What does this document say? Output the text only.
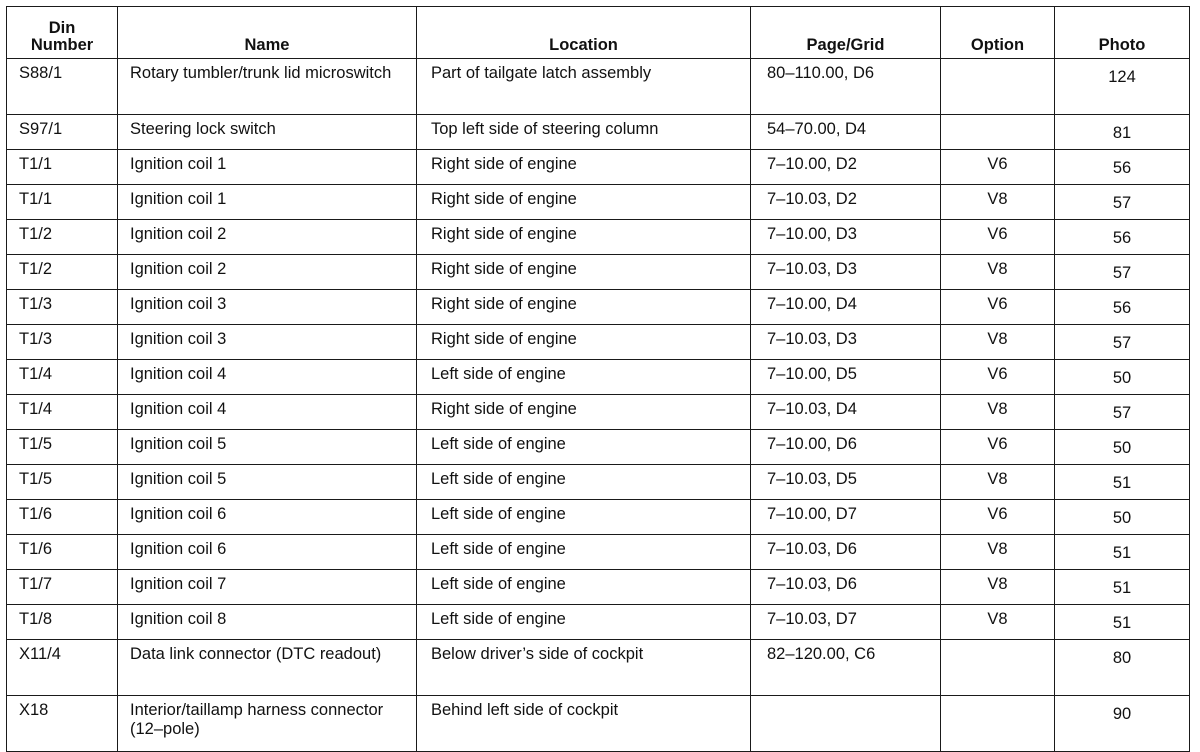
Din
Number	Name	Location	Page/Grid	Option	Photo
S88/1	Rotary tumbler/trunk lid microswitch	Part of tailgate latch assembly	80–110.00, D6		124
S97/1	Steering lock switch	Top left side of steering column	54–70.00, D4		81
T1/1	Ignition coil 1	Right side of engine	7–10.00, D2	V6	56
T1/1	Ignition coil 1	Right side of engine	7–10.03, D2	V8	57
T1/2	Ignition coil 2	Right side of engine	7–10.00, D3	V6	56
T1/2	Ignition coil 2	Right side of engine	7–10.03, D3	V8	57
T1/3	Ignition coil 3	Right side of engine	7–10.00, D4	V6	56
T1/3	Ignition coil 3	Right side of engine	7–10.03, D3	V8	57
T1/4	Ignition coil 4	Left side of engine	7–10.00, D5	V6	50
T1/4	Ignition coil 4	Right side of engine	7–10.03, D4	V8	57
T1/5	Ignition coil 5	Left side of engine	7–10.00, D6	V6	50
T1/5	Ignition coil 5	Left side of engine	7–10.03, D5	V8	51
T1/6	Ignition coil 6	Left side of engine	7–10.00, D7	V6	50
T1/6	Ignition coil 6	Left side of engine	7–10.03, D6	V8	51
T1/7	Ignition coil 7	Left side of engine	7–10.03, D6	V8	51
T1/8	Ignition coil 8	Left side of engine	7–10.03, D7	V8	51
X11/4	Data link connector (DTC readout)	Below driver’s side of cockpit	82–120.00, C6		80
X18	Interior/taillamp harness connector (12–pole)	Behind left side of cockpit			90
